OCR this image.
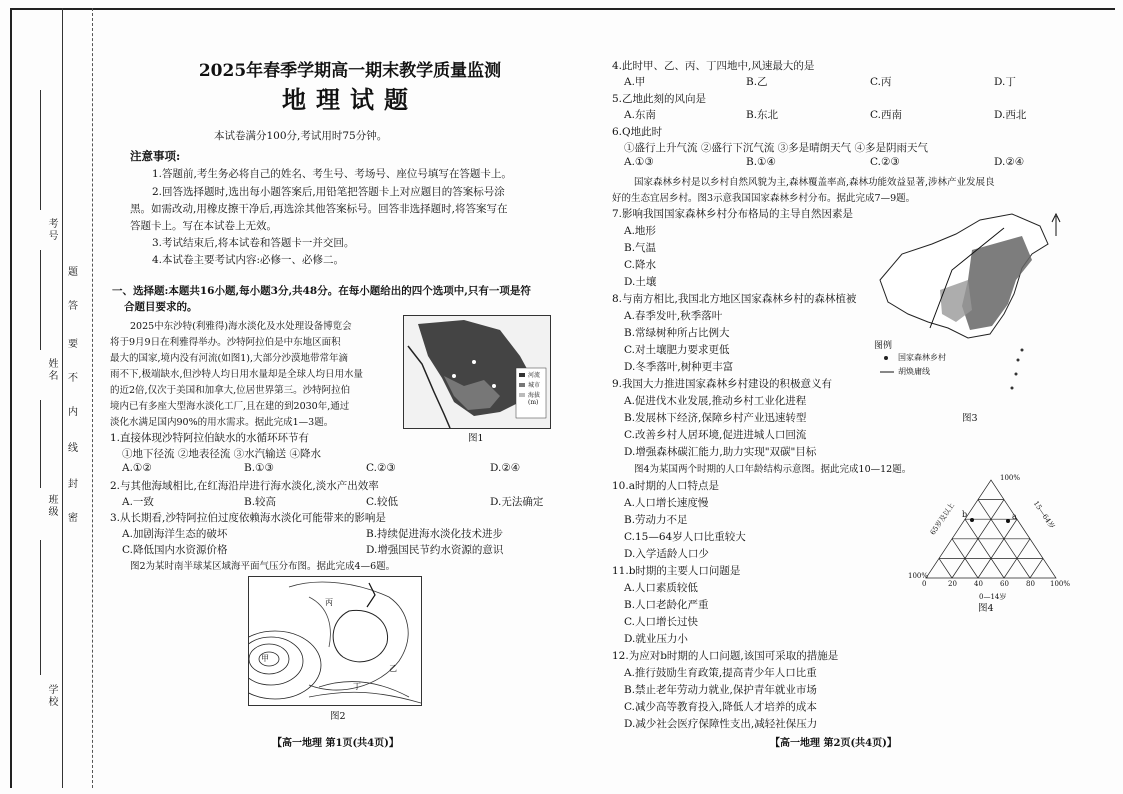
考号
姓名
班级
学校
题
答
要
不
内
线
封
密
2025年春季学期高一期末教学质量监测
地理试题
本试卷满分100分,考试用时75分钟。
注意事项:
1.答题前,考生务必将自己的姓名、考生号、考场号、座位号填写在答题卡上。
2.回答选择题时,选出每小题答案后,用铅笔把答题卡上对应题目的答案标号涂
黑。如需改动,用橡皮擦干净后,再选涂其他答案标号。回答非选择题时,将答案写在
答题卡上。写在本试卷上无效。
3.考试结束后,将本试卷和答题卡一并交回。
4.本试卷主要考试内容:必修一、必修二。
一、选择题:本题共16小题,每小题3分,共48分。在每小题给出的四个选项中,只有一项是符
合题目要求的。
2025中东沙特(利雅得)海水淡化及水处理设备博览会
将于9月9日在利雅得举办。沙特阿拉伯是中东地区面积
最大的国家,境内没有河流(如图1),大部分沙漠地带常年滴
雨不下,极端缺水,但沙特人均日用水量却是全球人均日用水量
的近2倍,仅次于美国和加拿大,位居世界第三。沙特阿拉伯
境内已有多座大型海水淡化工厂,且在建的到2030年,通过
淡化水满足国内90%的用水需求。据此完成1—3题。
河流
城市
海拔(m)
图1
1.直接体现沙特阿拉伯缺水的水循环环节有
①地下径流 ②地表径流 ③水汽输送 ④降水
A.①②	B.①③	C.②③	D.②④
2.与其他海域相比,在红海沿岸进行海水淡化,淡水产出效率
A.一致	B.较高	C.较低	D.无法确定
3.从长期看,沙特阿拉伯过度依赖海水淡化可能带来的影响是
A.加剧海洋生态的破坏	B.持续促进海水淡化技术进步
C.降低国内水资源价格	D.增强国民节约水资源的意识
图2为某时南半球某区域海平面气压分布图。据此完成4—6题。
丙
甲
乙
丁
图2
【高一地理 第1页(共4页)】
4.此时甲、乙、丙、丁四地中,风速最大的是
A.甲	B.乙	C.丙	D.丁
5.乙地此刻的风向是
A.东南	B.东北	C.西南	D.西北
6.Q地此时
①盛行上升气流 ②盛行下沉气流 ③多是晴朗天气 ④多是阴雨天气
A.①③	B.①④	C.②③	D.②④
国家森林乡村是以乡村自然风貌为主,森林覆盖率高,森林功能效益显著,涉林产业发展良
好的生态宜居乡村。图3示意我国国家森林乡村分布。据此完成7—9题。
7.影响我国国家森林乡村分布格局的主导自然因素是
A.地形
B.气温
C.降水
D.土壤
8.与南方相比,我国北方地区国家森林乡村的森林植被
A.春季发叶,秋季落叶
B.常绿树种所占比例大
C.对土壤肥力要求更低
D.冬季落叶,树种更丰富
图例
国家森林乡村
胡焕庸线
图3
9.我国大力推进国家森林乡村建设的积极意义有
A.促进伐木业发展,推动乡村工业化进程
B.发展林下经济,保障乡村产业迅速转型
C.改善乡村人居环境,促进进城人口回流
D.增强森林碳汇能力,助力实现"双碳"目标
图4为某国两个时期的人口年龄结构示意图。据此完成10—12题。
10.a时期的人口特点是
A.人口增长速度慢
B.劳动力不足
C.15—64岁人口比重较大
D.入学适龄人口少
11.b时期的主要人口问题是
A.人口素质较低
B.人口老龄化严重
C.人口增长过快
D.就业压力小
12.为应对b时期的人口问题,该国可采取的措施是
A.推行鼓励生育政策,提高青少年人口比重
B.禁止老年劳动力就业,保护青年就业市场
C.减少高等教育投入,降低人才培养的成本
D.减少社会医疗保障性支出,减轻社保压力
b	a
65岁及以上	15—64岁
100%
100%
0	20 40 60 80 100%
0—14岁
图4
【高一地理 第2页(共4页)】
